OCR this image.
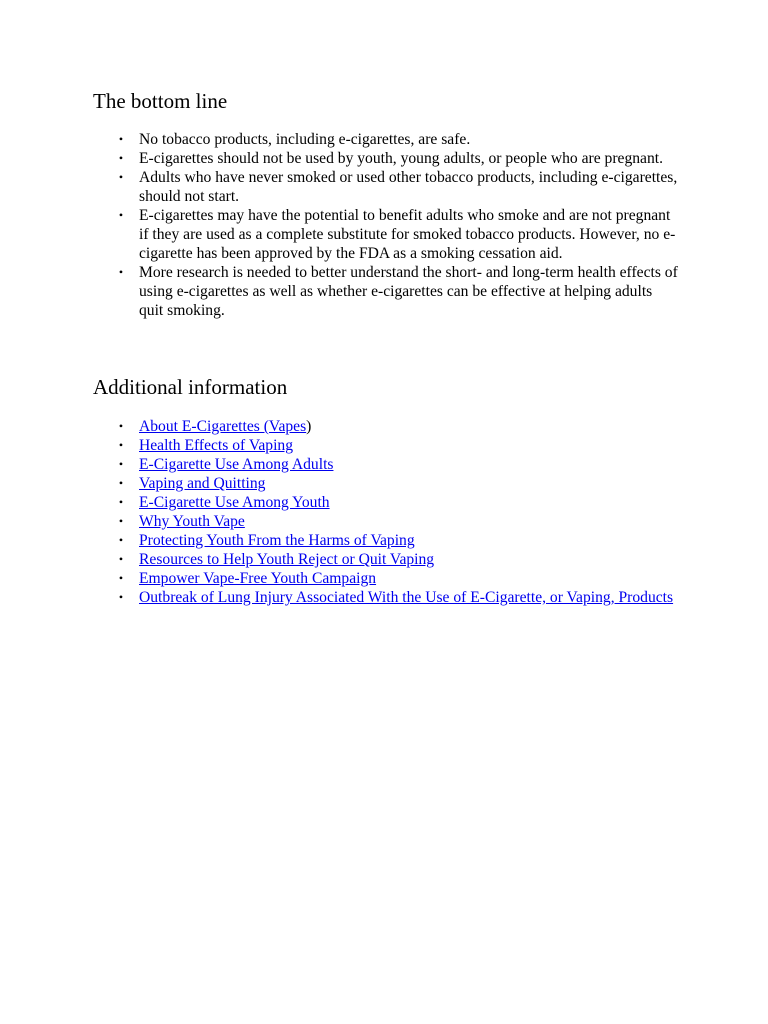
The bottom line
• No tobacco products, including e-cigarettes, are safe.
• E-cigarettes should not be used by youth, young adults, or people who are pregnant.
• Adults who have never smoked or used other tobacco products, including e-cigarettes, should not start.
• E-cigarettes may have the potential to benefit adults who smoke and are not pregnant if they are used as a complete substitute for smoked tobacco products. However, no e-cigarette has been approved by the FDA as a smoking cessation aid.
• More research is needed to better understand the short- and long-term health effects of using e-cigarettes as well as whether e-cigarettes can be effective at helping adults quit smoking.
Additional information
• About E-Cigarettes (Vapes)
• Health Effects of Vaping
• E-Cigarette Use Among Adults
• Vaping and Quitting
• E-Cigarette Use Among Youth
• Why Youth Vape
• Protecting Youth From the Harms of Vaping
• Resources to Help Youth Reject or Quit Vaping
• Empower Vape-Free Youth Campaign
• Outbreak of Lung Injury Associated With the Use of E-Cigarette, or Vaping, Products
